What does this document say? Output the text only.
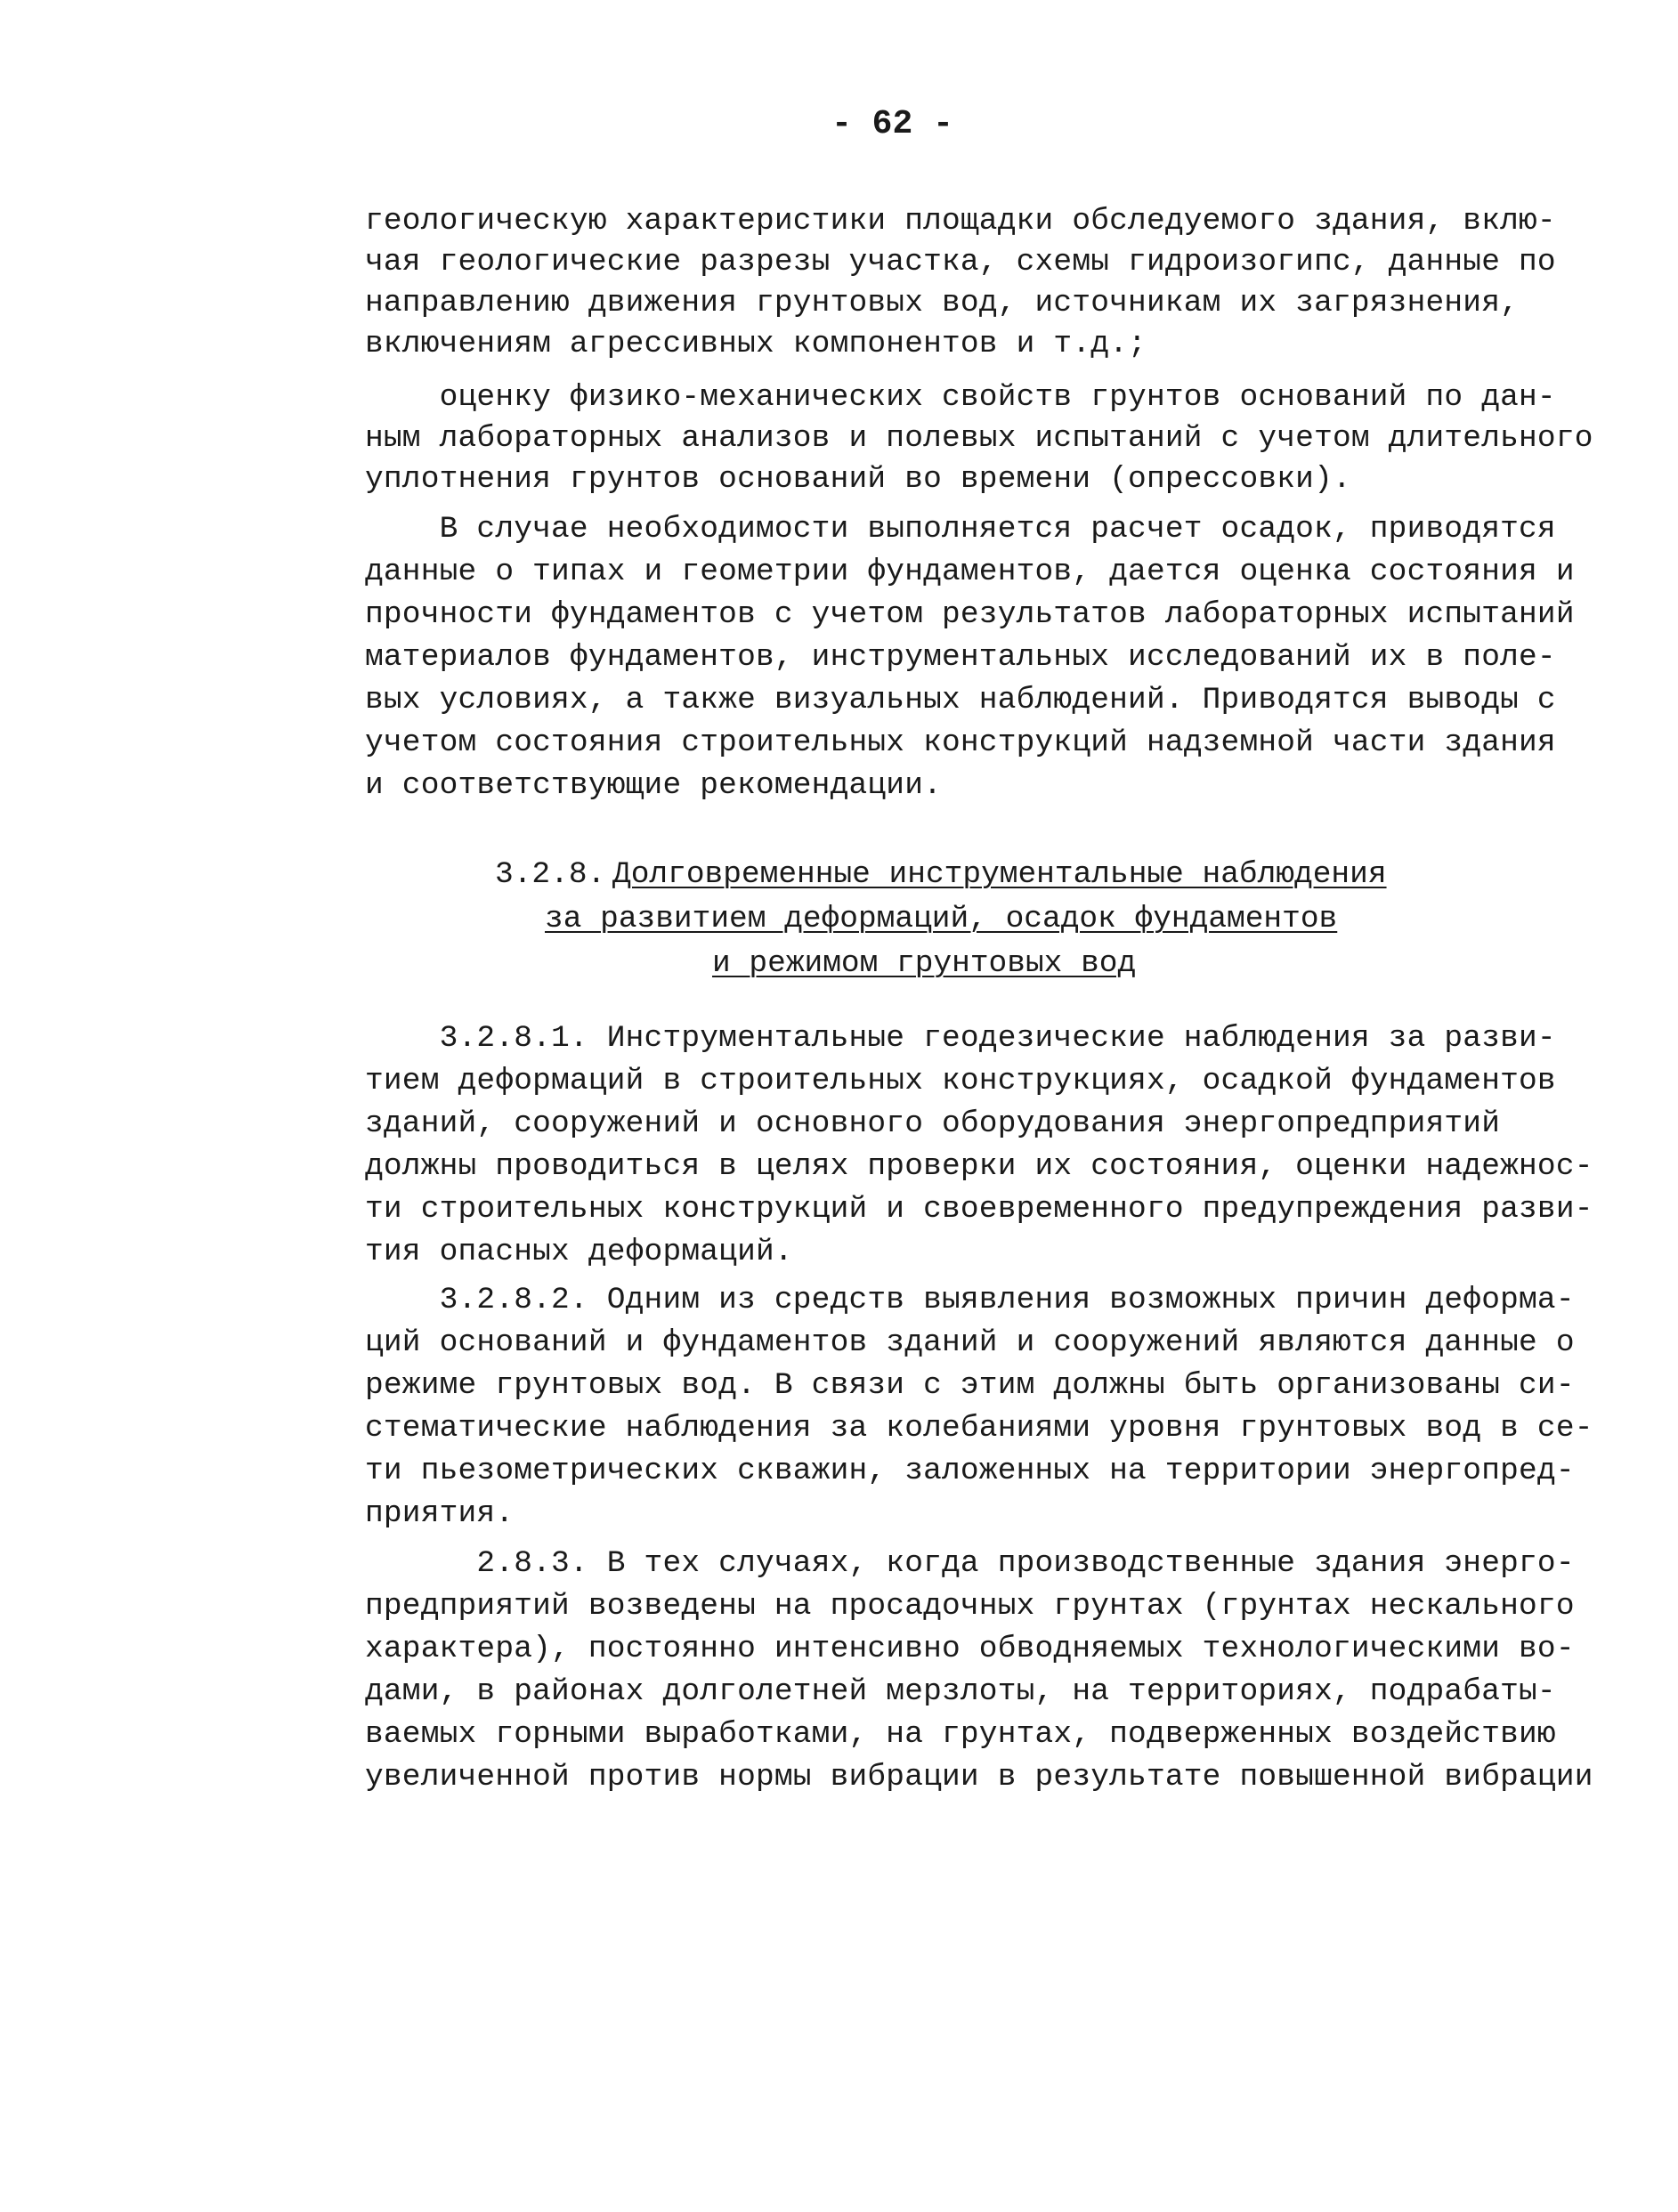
- 62 -
геологическую характеристики площадки обследуемого здания, вклю-
чая геологические разрезы участка, схемы гидроизогипс, данные по
направлению движения грунтовых вод, источникам их загрязнения,
включениям агрессивных компонентов и т.д.;
оценку физико-механических свойств грунтов оснований по дан-
ным лабораторных анализов и полевых испытаний с учетом длительного
уплотнения грунтов оснований во времени (опрессовки).
В случае необходимости выполняется расчет осадок, приводятся
данные о типах и геометрии фундаментов, дается оценка состояния и
прочности фундаментов с учетом результатов лабораторных испытаний
материалов фундаментов, инструментальных исследований их в поле-
вых условиях, а также визуальных наблюдений. Приводятся выводы с
учетом состояния строительных конструкций надземной части здания
и соответствующие рекомендации.
3.2.8. Долговременные инструментальные наблюдения
за развитием деформаций, осадок фундаментов
и режимом грунтовых вод
3.2.8.1. Инструментальные геодезические наблюдения за разви-
тием деформаций в строительных конструкциях, осадкой фундаментов
зданий, сооружений и основного оборудования энергопредприятий
должны проводиться в целях проверки их состояния, оценки надежнос-
ти строительных конструкций и своевременного предупреждения разви-
тия опасных деформаций.
3.2.8.2. Одним из средств выявления возможных причин деформа-
ций оснований и фундаментов зданий и сооружений являются данные о
режиме грунтовых вод. В связи с этим должны быть организованы си-
стематические наблюдения за колебаниями уровня грунтовых вод в се-
ти пьезометрических скважин, заложенных на территории энергопред-
приятия.
2.8.3. В тех случаях, когда производственные здания энерго-
предприятий возведены на просадочных грунтах (грунтах нескального
характера), постоянно интенсивно обводняемых технологическими во-
дами, в районах долголетней мерзлоты, на территориях, подрабаты-
ваемых горными выработками, на грунтах, подверженных воздействию
увеличенной против нормы вибрации в результате повышенной вибрации
